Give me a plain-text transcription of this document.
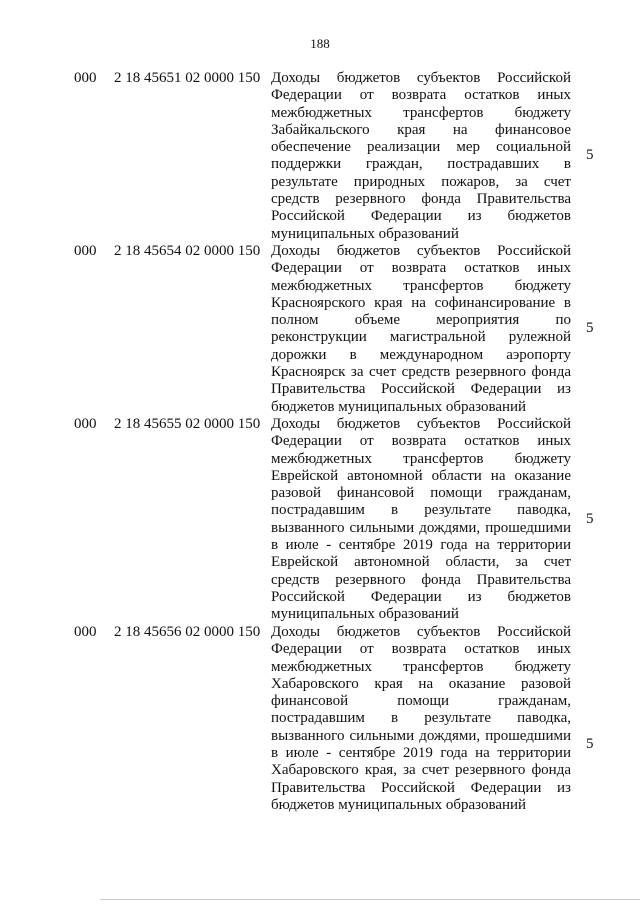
188
000 2 18 45651 02 0000 150 Доходы бюджетов субъектов Российской Федерации от возврата остатков иных межбюджетных трансфертов бюджету Забайкальского края на финансовое обеспечение реализации мер социальной поддержки граждан, пострадавших в результате природных пожаров, за счет средств резервного фонда Правительства Российской Федерации из бюджетов муниципальных образований
5
000 2 18 45654 02 0000 150 Доходы бюджетов субъектов Российской Федерации от возврата остатков иных межбюджетных трансфертов бюджету Красноярского края на софинансирование в полном объеме мероприятия по реконструкции магистральной рулежной дорожки в международном аэропорту Красноярск за счет средств резервного фонда Правительства Российской Федерации из бюджетов муниципальных образований
5
000 2 18 45655 02 0000 150 Доходы бюджетов субъектов Российской Федерации от возврата остатков иных межбюджетных трансфертов бюджету Еврейской автономной области на оказание разовой финансовой помощи гражданам, пострадавшим в результате паводка, вызванного сильными дождями, прошедшими в июле - сентябре 2019 года на территории Еврейской автономной области, за счет средств резервного фонда Правительства Российской Федерации из бюджетов муниципальных образований
5
000 2 18 45656 02 0000 150 Доходы бюджетов субъектов Российской Федерации от возврата остатков иных межбюджетных трансфертов бюджету Хабаровского края на оказание разовой финансовой помощи гражданам, пострадавшим в результате паводка, вызванного сильными дождями, прошедшими в июле - сентябре 2019 года на территории Хабаровского края, за счет резервного фонда Правительства Российской Федерации из бюджетов муниципальных образований
5
